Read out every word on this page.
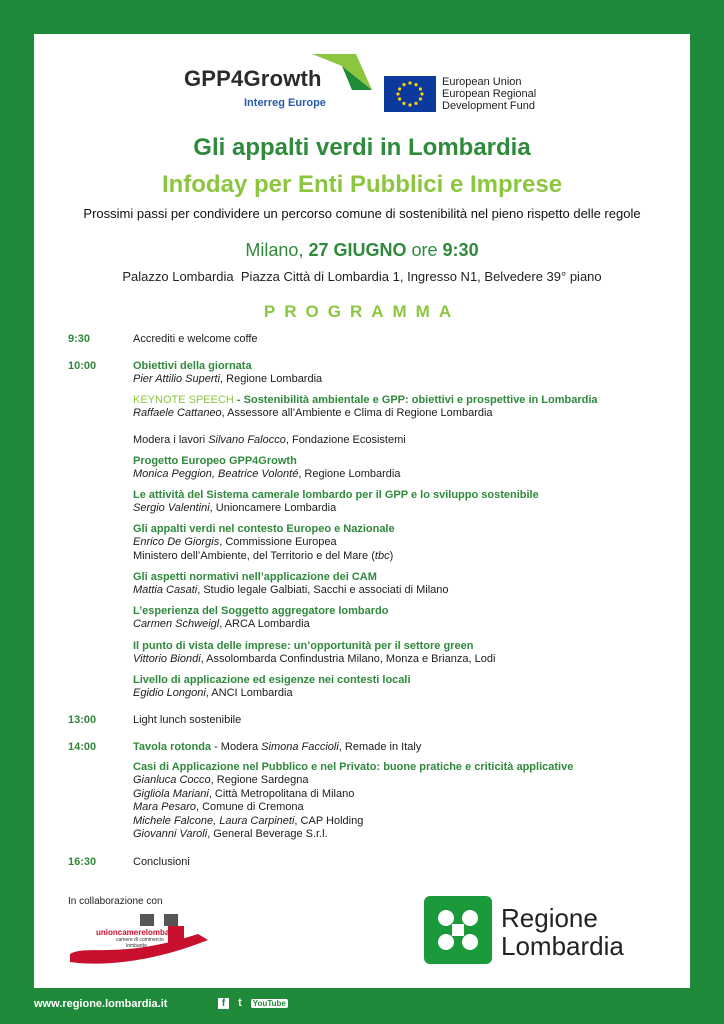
GPP4Growth
Interreg Europe
European Union
European Regional
Development Fund
Gli appalti verdi in Lombardia
Infoday per Enti Pubblici e Imprese
Prossimi passi per condividere un percorso comune di sostenibilità nel pieno rispetto delle regole
Milano, 27 GIUGNO ore 9:30
Palazzo Lombardia Piazza Città di Lombardia 1, Ingresso N1, Belvedere 39° piano
PROGRAMMA
9:30	Accrediti e welcome coffe
10:00	Obiettivi della giornata
Pier Attilio Superti, Regione Lombardia
KEYNOTE SPEECH - Sostenibilità ambientale e GPP: obiettivi e prospettive in Lombardia
Raffaele Cattaneo, Assessore all’Ambiente e Clima di Regione Lombardia
Modera i lavori Silvano Falocco, Fondazione Ecosistemi
Progetto Europeo GPP4Growth
Monica Peggion, Beatrice Volonté, Regione Lombardia
Le attività del Sistema camerale lombardo per il GPP e lo sviluppo sostenibile
Sergio Valentini, Unioncamere Lombardia
Gli appalti verdi nel contesto Europeo e Nazionale
Enrico De Giorgis, Commissione Europea
Ministero dell’Ambiente, del Territorio e del Mare (tbc)
Gli aspetti normativi nell’applicazione dei CAM
Mattia Casati, Studio legale Galbiati, Sacchi e associati di Milano
L’esperienza del Soggetto aggregatore lombardo
Carmen Schweigl, ARCA Lombardia
Il punto di vista delle imprese: un’opportunità per il settore green
Vittorio Biondi, Assolombarda Confindustria Milano, Monza e Brianza, Lodi
Livello di applicazione ed esigenze nei contesti locali
Egidio Longoni, ANCI Lombardia
13:00	Light lunch sostenibile
14:00	Tavola rotonda - Modera Simona Faccioli, Remade in Italy
Casi di Applicazione nel Pubblico e nel Privato: buone pratiche e criticità applicative
Gianluca Cocco, Regione Sardegna
Gigliola Mariani, Città Metropolitana di Milano
Mara Pesaro, Comune di Cremona
Michele Falcone, Laura Carpineti, CAP Holding
Giovanni Varoli, General Beverage S.r.l.
16:30	Conclusioni
In collaborazione con
unioncamerelombardia
camere di commercio
lombarde
Regione
Lombardia
www.regione.lombardia.it	f t YouTube
